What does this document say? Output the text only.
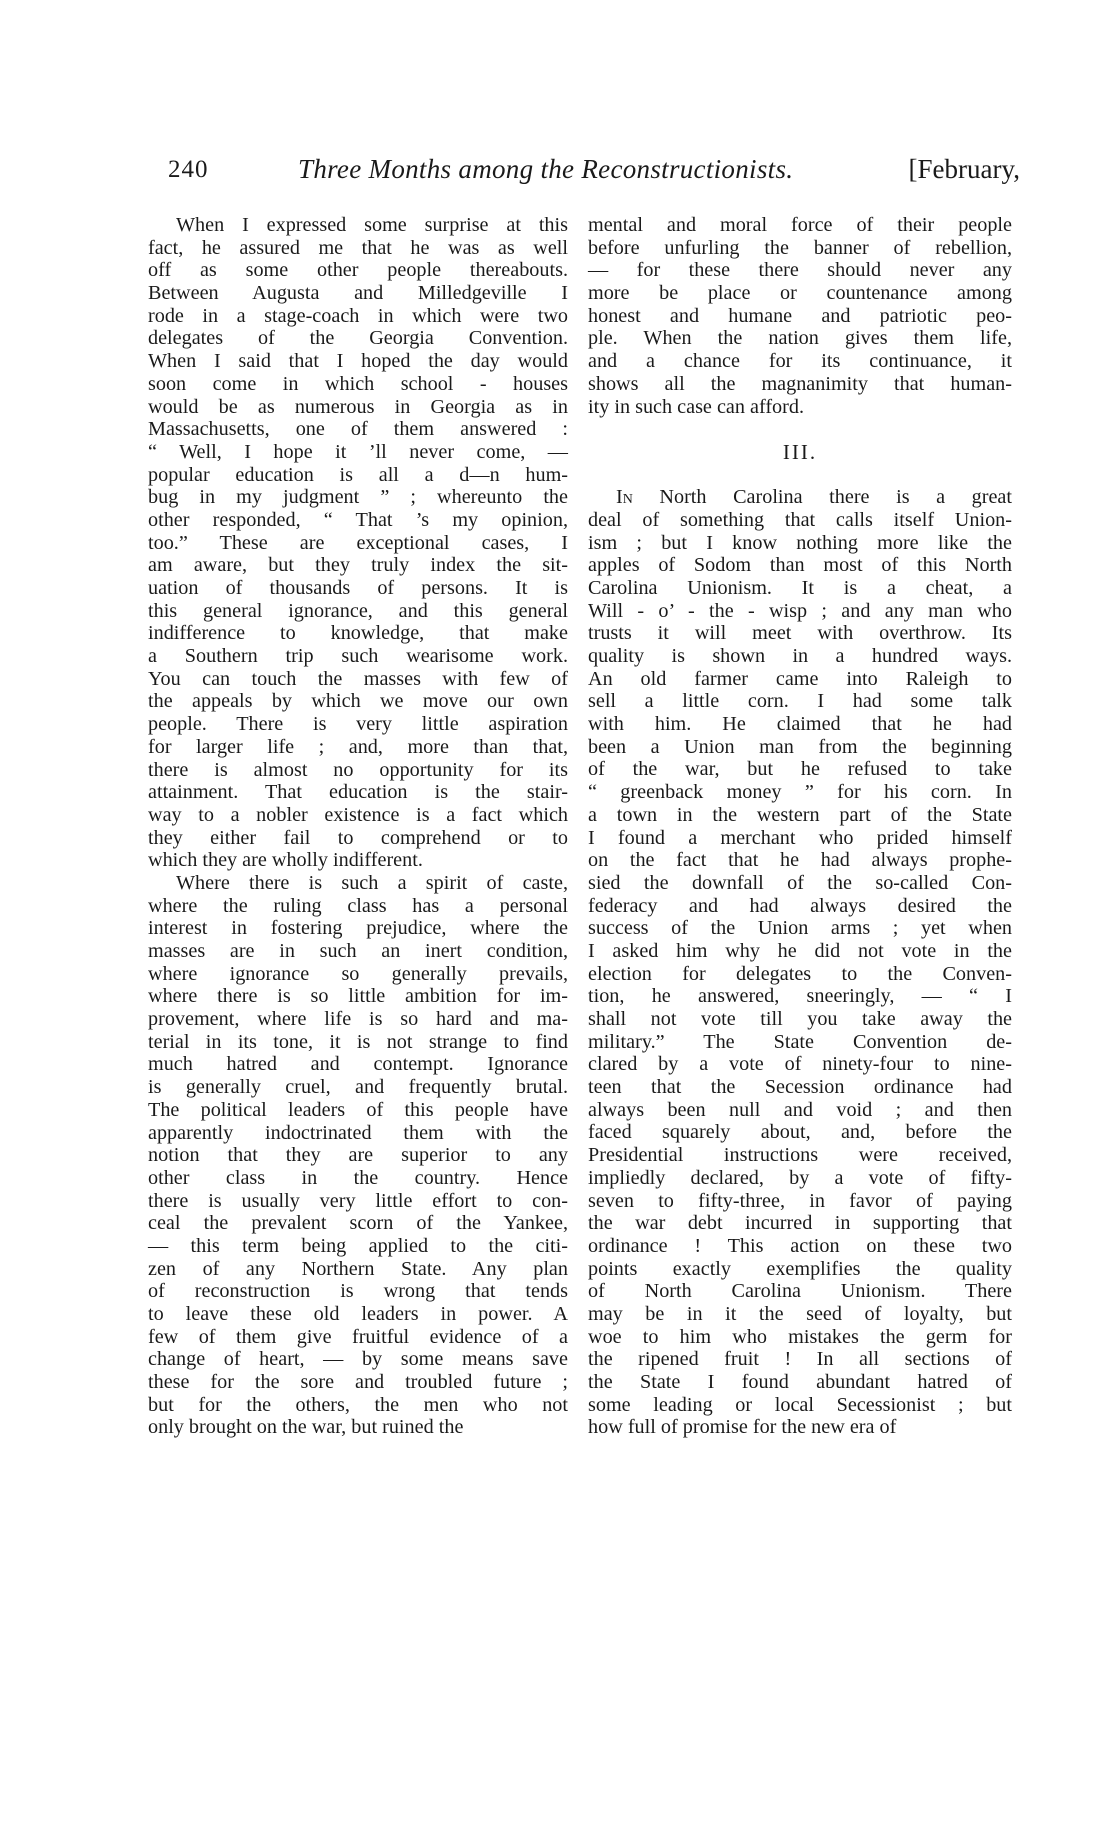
240	Three Months among the Reconstructionists.	[February,
When I expressed some surprise at this
fact, he assured me that he was as well
off as some other people thereabouts.
Between Augusta and Milledgeville I
rode in a stage-coach in which were two
delegates of the Georgia Convention.
When I said that I hoped the day would
soon come in which school - houses
would be as numerous in Georgia as in
Massachusetts, one of them answered :
“ Well, I hope it ’ll never come, —
popular education is all a d—n hum-
bug in my judgment ” ; whereunto the
other responded, “ That ’s my opinion,
too.” These are exceptional cases, I
am aware, but they truly index the sit-
uation of thousands of persons. It is
this general ignorance, and this general
indifference to knowledge, that make
a Southern trip such wearisome work.
You can touch the masses with few of
the appeals by which we move our own
people. There is very little aspiration
for larger life ; and, more than that,
there is almost no opportunity for its
attainment. That education is the stair-
way to a nobler existence is a fact which
they either fail to comprehend or to
which they are wholly indifferent.
Where there is such a spirit of caste,
where the ruling class has a personal
interest in fostering prejudice, where the
masses are in such an inert condition,
where ignorance so generally prevails,
where there is so little ambition for im-
provement, where life is so hard and ma-
terial in its tone, it is not strange to find
much hatred and contempt. Ignorance
is generally cruel, and frequently brutal.
The political leaders of this people have
apparently indoctrinated them with the
notion that they are superior to any
other class in the country. Hence
there is usually very little effort to con-
ceal the prevalent scorn of the Yankee,
— this term being applied to the citi-
zen of any Northern State. Any plan
of reconstruction is wrong that tends
to leave these old leaders in power. A
few of them give fruitful evidence of a
change of heart, — by some means save
these for the sore and troubled future ;
but for the others, the men who not
only brought on the war, but ruined the
mental and moral force of their people
before unfurling the banner of rebellion,
— for these there should never any
more be place or countenance among
honest and humane and patriotic peo-
ple. When the nation gives them life,
and a chance for its continuance, it
shows all the magnanimity that human-
ity in such case can afford.
III.
In North Carolina there is a great
deal of something that calls itself Union-
ism ; but I know nothing more like the
apples of Sodom than most of this North
Carolina Unionism. It is a cheat, a
Will - o’ - the - wisp ; and any man who
trusts it will meet with overthrow. Its
quality is shown in a hundred ways.
An old farmer came into Raleigh to
sell a little corn. I had some talk
with him. He claimed that he had
been a Union man from the beginning
of the war, but he refused to take
“ greenback money ” for his corn. In
a town in the western part of the State
I found a merchant who prided himself
on the fact that he had always prophe-
sied the downfall of the so-called Con-
federacy and had always desired the
success of the Union arms ; yet when
I asked him why he did not vote in the
election for delegates to the Conven-
tion, he answered, sneeringly, — “ I
shall not vote till you take away the
military.” The State Convention de-
clared by a vote of ninety-four to nine-
teen that the Secession ordinance had
always been null and void ; and then
faced squarely about, and, before the
Presidential instructions were received,
impliedly declared, by a vote of fifty-
seven to fifty-three, in favor of paying
the war debt incurred in supporting that
ordinance ! This action on these two
points exactly exemplifies the quality
of North Carolina Unionism. There
may be in it the seed of loyalty, but
woe to him who mistakes the germ for
the ripened fruit ! In all sections of
the State I found abundant hatred of
some leading or local Secessionist ; but
how full of promise for the new era of
